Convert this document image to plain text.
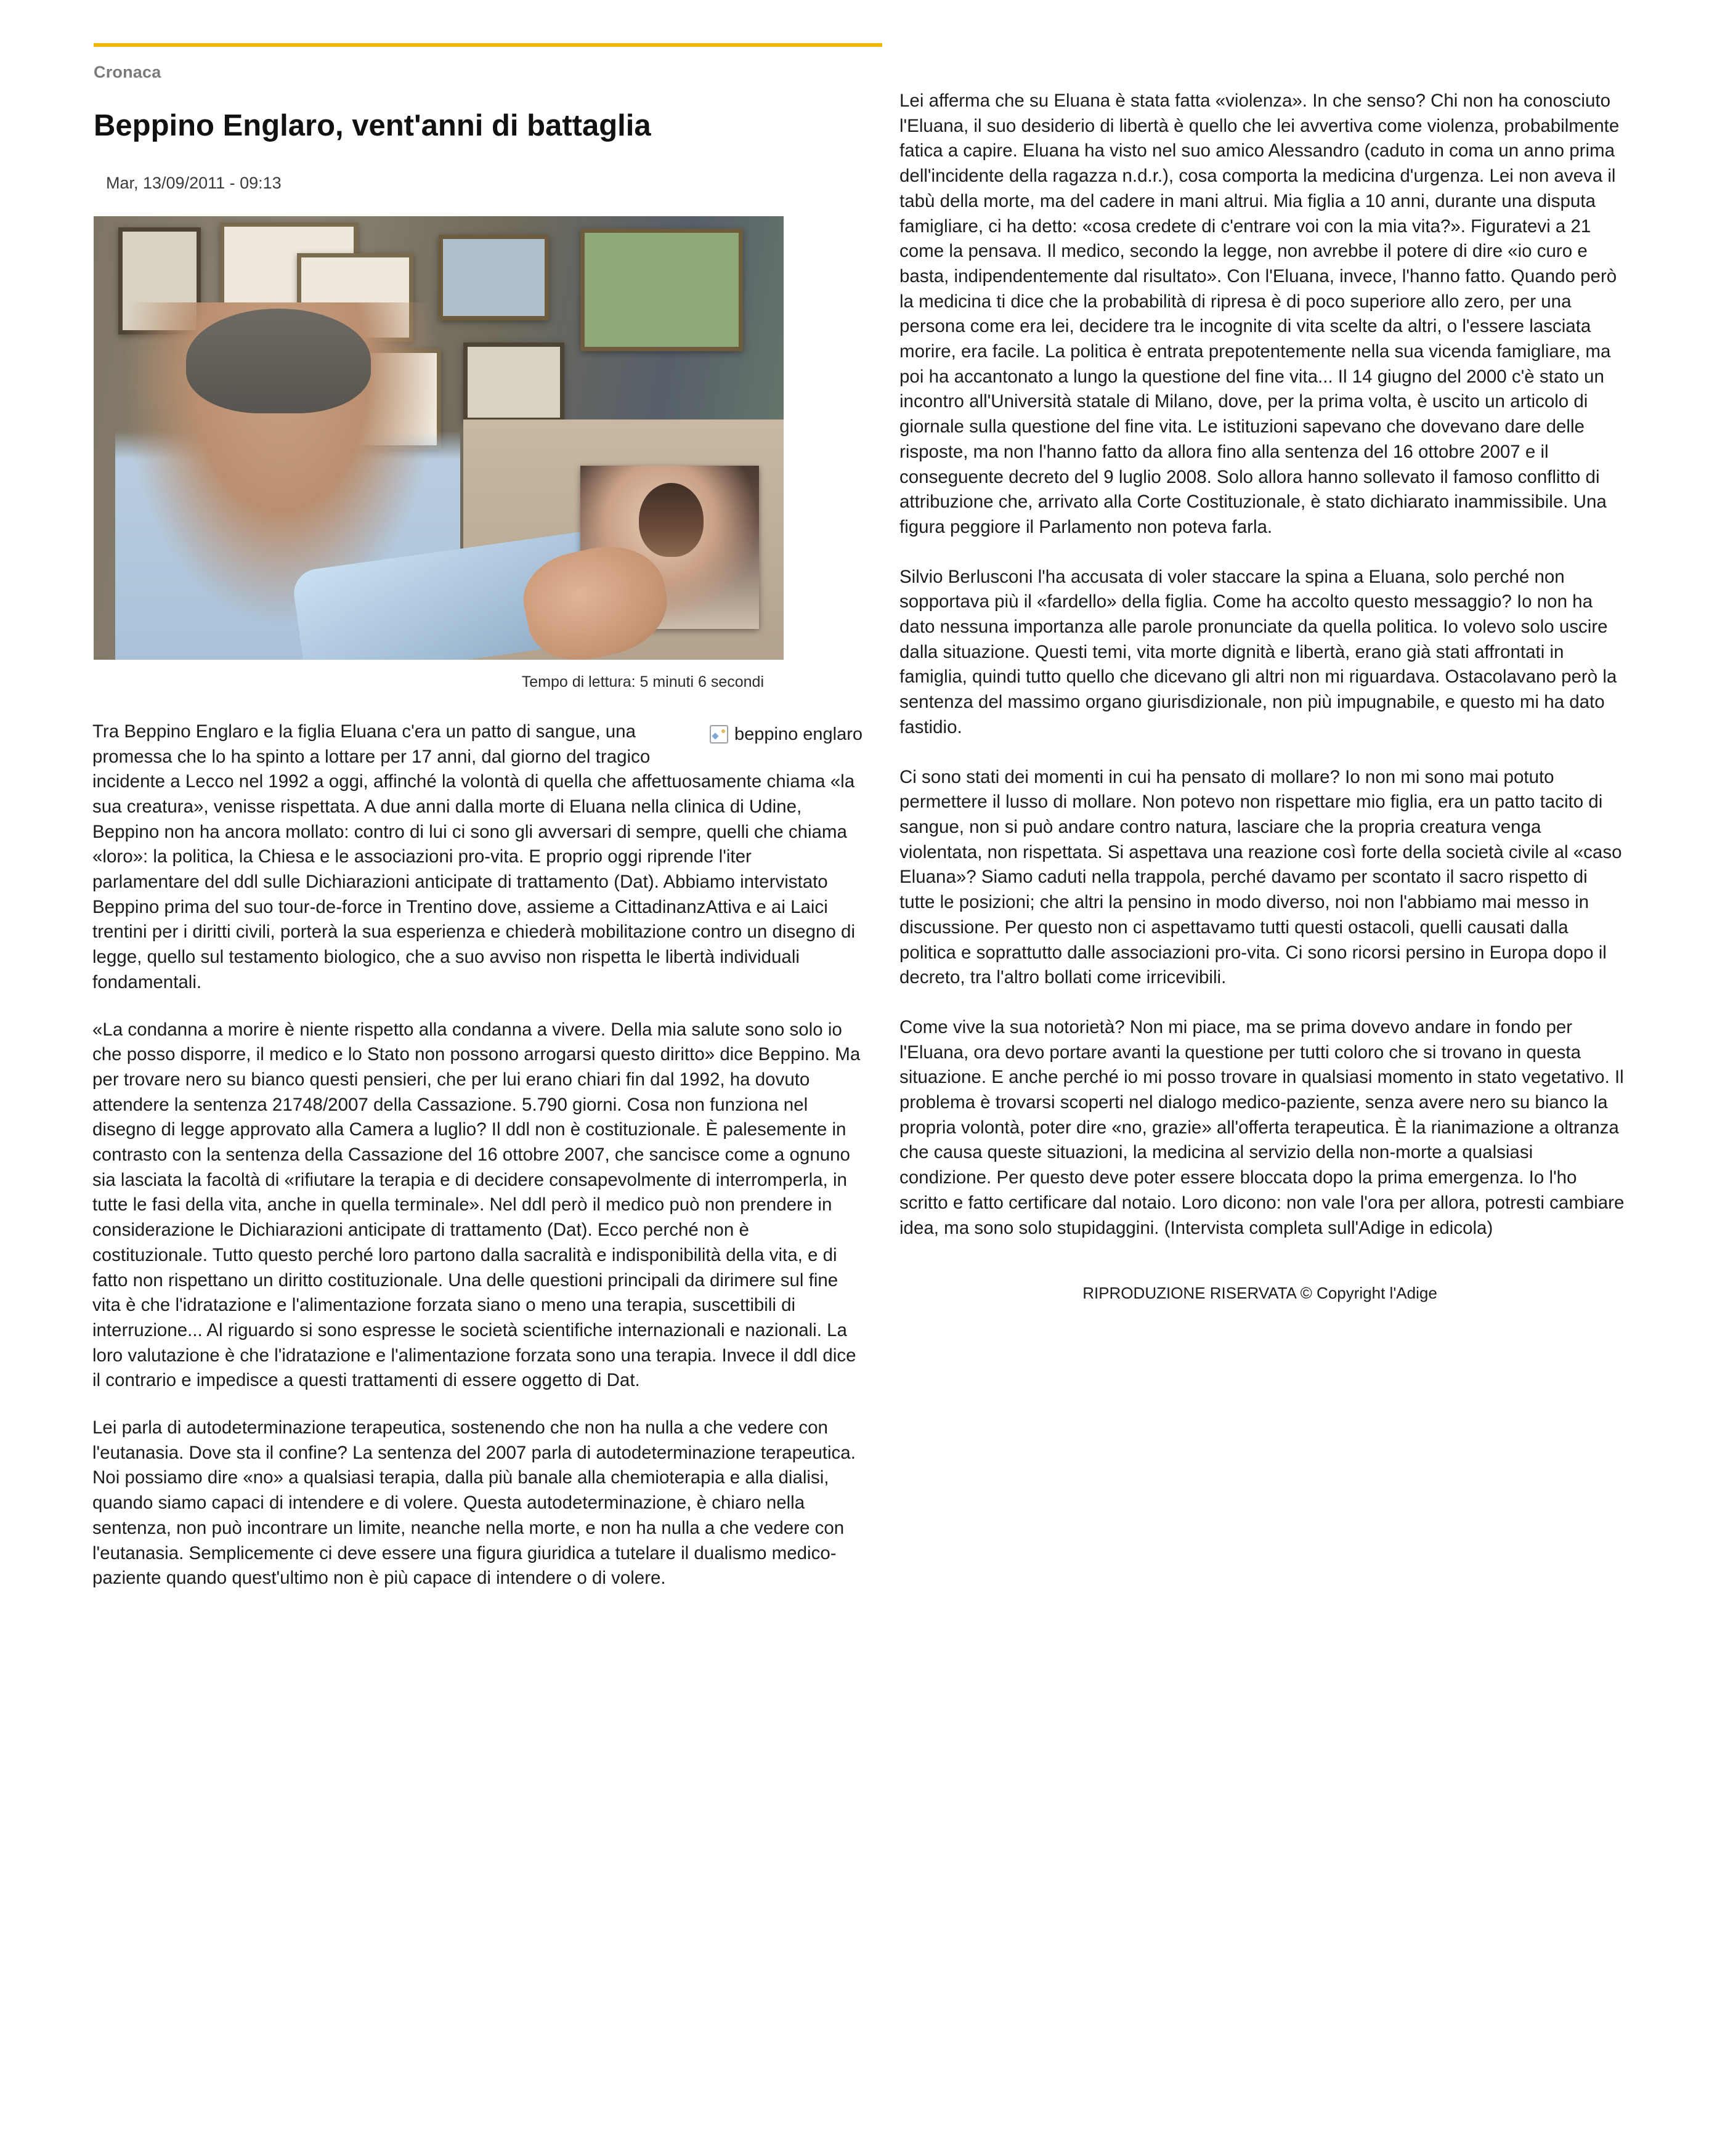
Cronaca
Beppino Englaro, vent'anni di battaglia
Mar, 13/09/2011 - 09:13
Tempo di lettura: 5 minuti 6 secondi
beppino englaro

Tra Beppino Englaro e la figlia Eluana c'era un patto di sangue, una promessa che lo ha spinto a lottare per 17 anni, dal giorno del tragico incidente a Lecco nel 1992 a oggi, affinché la volontà di quella che affettuosamente chiama «lа sua creatura», venisse rispettata. A due anni dalla morte di Eluana nella clinica di Udine, Beppino non ha ancora mollato: contro di lui ci sono gli avversari di sempre, quelli che chiama «loro»: la politica, la Chiesa e le associazioni pro-vita. E proprio oggi riprende l'iter parlamentare del ddl sulle Dichiarazioni anticipate di trattamento (Dat). Abbiamo intervistato Beppino prima del suo tour-de-force in Trentino dove, assieme a CittadinanzAttiva e ai Laici trentini per i diritti civili, porterà la sua esperienza e chiederà mobilitazione contro un disegno di legge, quello sul testamento biologico, che a suo avviso non rispetta le libertà individuali fondamentali.

«La condanna a morire è niente rispetto alla condanna a vivere. Della mia salute sono solo io che posso disporre, il medico e lo Stato non possono arrogarsi questo diritto» dice Beppino. Ma per trovare nero su bianco questi pensieri, che per lui erano chiari fin dal 1992, ha dovuto attendere la sentenza 21748/2007 della Cassazione. 5.790 giorni. Cosa non funziona nel disegno di legge approvato alla Camera a luglio? Il ddl non è costituzionale. È palesemente in contrasto con la sentenza della Cassazione del 16 ottobre 2007, che sancisce come a ognuno sia lasciata la facoltà di «rifiutare la terapia e di decidere consapevolmente di interromperla, in tutte le fasi della vita, anche in quella terminale». Nel ddl però il medico può non prendere in considerazione le Dichiarazioni anticipate di trattamento (Dat). Ecco perché non è costituzionale. Tutto questo perché loro partono dalla sacralità e indisponibilità della vita, e di fatto non rispettano un diritto costituzionale. Una delle questioni principali da dirimere sul fine vita è che l'idratazione e l'alimentazione forzata siano o meno una terapia, suscettibili di interruzione... Al riguardo si sono espresse le società scientifiche internazionali e nazionali. La loro valutazione è che l'idratazione e l'alimentazione forzata sono una terapia. Invece il ddl dice il contrario e impedisce a questi trattamenti di essere oggetto di Dat.

Lei parla di autodeterminazione terapeutica, sostenendo che non ha nulla a che vedere con l'eutanasia. Dove sta il confine? La sentenza del 2007 parla di autodeterminazione terapeutica. Noi possiamo dire «no» a qualsiasi terapia, dalla più banale alla chemioterapia e alla dialisi, quando siamo capaci di intendere e di volere. Questa autodeterminazione, è chiaro nella sentenza, non può incontrare un limite, neanche nella morte, e non ha nulla a che vedere con l'eutanasia. Semplicemente ci deve essere una figura giuridica a tutelare il dualismo medico-paziente quando quest'ultimo non è più capace di intendere o di volere.

Lei afferma che su Eluana è stata fatta «violenza». In che senso? Chi non ha conosciuto l'Eluana, il suo desiderio di libertà è quello che lei avvertiva come violenza, probabilmente fatica a capire. Eluana ha visto nel suo amico Alessandro (caduto in coma un anno prima dell'incidente della ragazza n.d.r.), cosa comporta la medicina d'urgenza. Lei non aveva il tabù della morte, ma del cadere in mani altrui. Mia figlia a 10 anni, durante una disputa famigliare, ci ha detto: «cosa credete di c'entrare voi con la mia vita?». Figuratevi a 21 come la pensava. Il medico, secondo la legge, non avrebbe il potere di dire «io curo e basta, indipendentemente dal risultato». Con l'Eluana, invece, l'hanno fatto. Quando però la medicina ti dice che la probabilità di ripresa è di poco superiore allo zero, per una persona come era lei, decidere tra le incognite di vita scelte da altri, o l'essere lasciata morire, era facile. La politica è entrata prepotentemente nella sua vicenda famigliare, ma poi ha accantonato a lungo la questione del fine vita... Il 14 giugno del 2000 c'è stato un incontro all'Università statale di Milano, dove, per la prima volta, è uscito un articolo di giornale sulla questione del fine vita. Le istituzioni sapevano che dovevano dare delle risposte, ma non l'hanno fatto da allora fino alla sentenza del 16 ottobre 2007 e il conseguente decreto del 9 luglio 2008. Solo allora hanno sollevato il famoso conflitto di attribuzione che, arrivato alla Corte Costituzionale, è stato dichiarato inammissibile. Una figura peggiore il Parlamento non poteva farla.

Silvio Berlusconi l'ha accusata di voler staccare la spina a Eluana, solo perché non sopportava più il «fardello» della figlia. Come ha accolto questo messaggio? Io non ha dato nessuna importanza alle parole pronunciate da quella politica. Io volevo solo uscire dalla situazione. Questi temi, vita morte dignità e libertà, erano già stati affrontati in famiglia, quindi tutto quello che dicevano gli altri non mi riguardava. Ostacolavano però la sentenza del massimo organo giurisdizionale, non più impugnabile, e questo mi ha dato fastidio.

Ci sono stati dei momenti in cui ha pensato di mollare? Io non mi sono mai potuto permettere il lusso di mollare. Non potevo non rispettare mio figlia, era un patto tacito di sangue, non si può andare contro natura, lasciare che la propria creatura venga violentata, non rispettata. Si aspettava una reazione così forte della società civile al «caso Eluana»? Siamo caduti nella trappola, perché davamo per scontato il sacro rispetto di tutte le posizioni; che altri la pensino in modo diverso, noi non l'abbiamo mai messo in discussione. Per questo non ci aspettavamo tutti questi ostacoli, quelli causati dalla politica e soprattutto dalle associazioni pro-vita. Ci sono ricorsi persino in Europa dopo il decreto, tra l'altro bollati come irricevibili.

Come vive la sua notorietà? Non mi piace, ma se prima dovevo andare in fondo per l'Eluana, ora devo portare avanti la questione per tutti coloro che si trovano in questa situazione. E anche perché io mi posso trovare in qualsiasi momento in stato vegetativo. Il problema è trovarsi scoperti nel dialogo medico-paziente, senza avere nero su bianco la propria volontà, poter dire «no, grazie» all'offerta terapeutica. È la rianimazione a oltranza che causa queste situazioni, la medicina al servizio della non-morte a qualsiasi condizione. Per questo deve poter essere bloccata dopo la prima emergenza. Io l'ho scritto e fatto certificare dal notaio. Loro dicono: non vale l'ora per allora, potresti cambiare idea, ma sono solo stupidaggini. (Intervista completa sull'Adige in edicola)

RIPRODUZIONE RISERVATA © Copyright l'Adige
